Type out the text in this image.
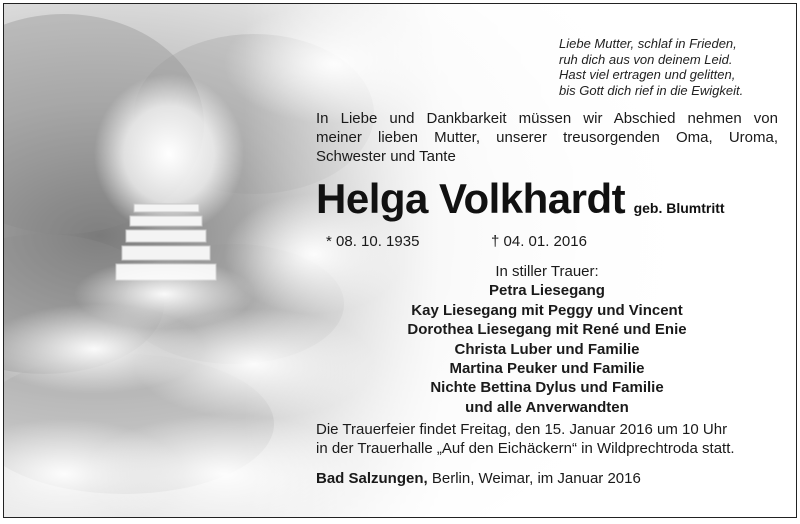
Liebe Mutter, schlaf in Frieden,
ruh dich aus von deinem Leid.
Hast viel ertragen und gelitten,
bis Gott dich rief in die Ewigkeit.
In Liebe und Dankbarkeit müssen wir Abschied nehmen von
meiner lieben Mutter, unserer treusorgenden Oma, Uroma,
Schwester und Tante
Helga Volkhardt geb. Blumtritt
* 08. 10. 1935	† 04. 01. 2016
In stiller Trauer:
Petra Liesegang
Kay Liesegang mit Peggy und Vincent
Dorothea Liesegang mit René und Enie
Christa Luber und Familie
Martina Peuker und Familie
Nichte Bettina Dylus und Familie
und alle Anverwandten
Die Trauerfeier findet Freitag, den 15. Januar 2016 um 10 Uhr
in der Trauerhalle „Auf den Eichäckern“ in Wildprechtroda statt.
Bad Salzungen, Berlin, Weimar, im Januar 2016
